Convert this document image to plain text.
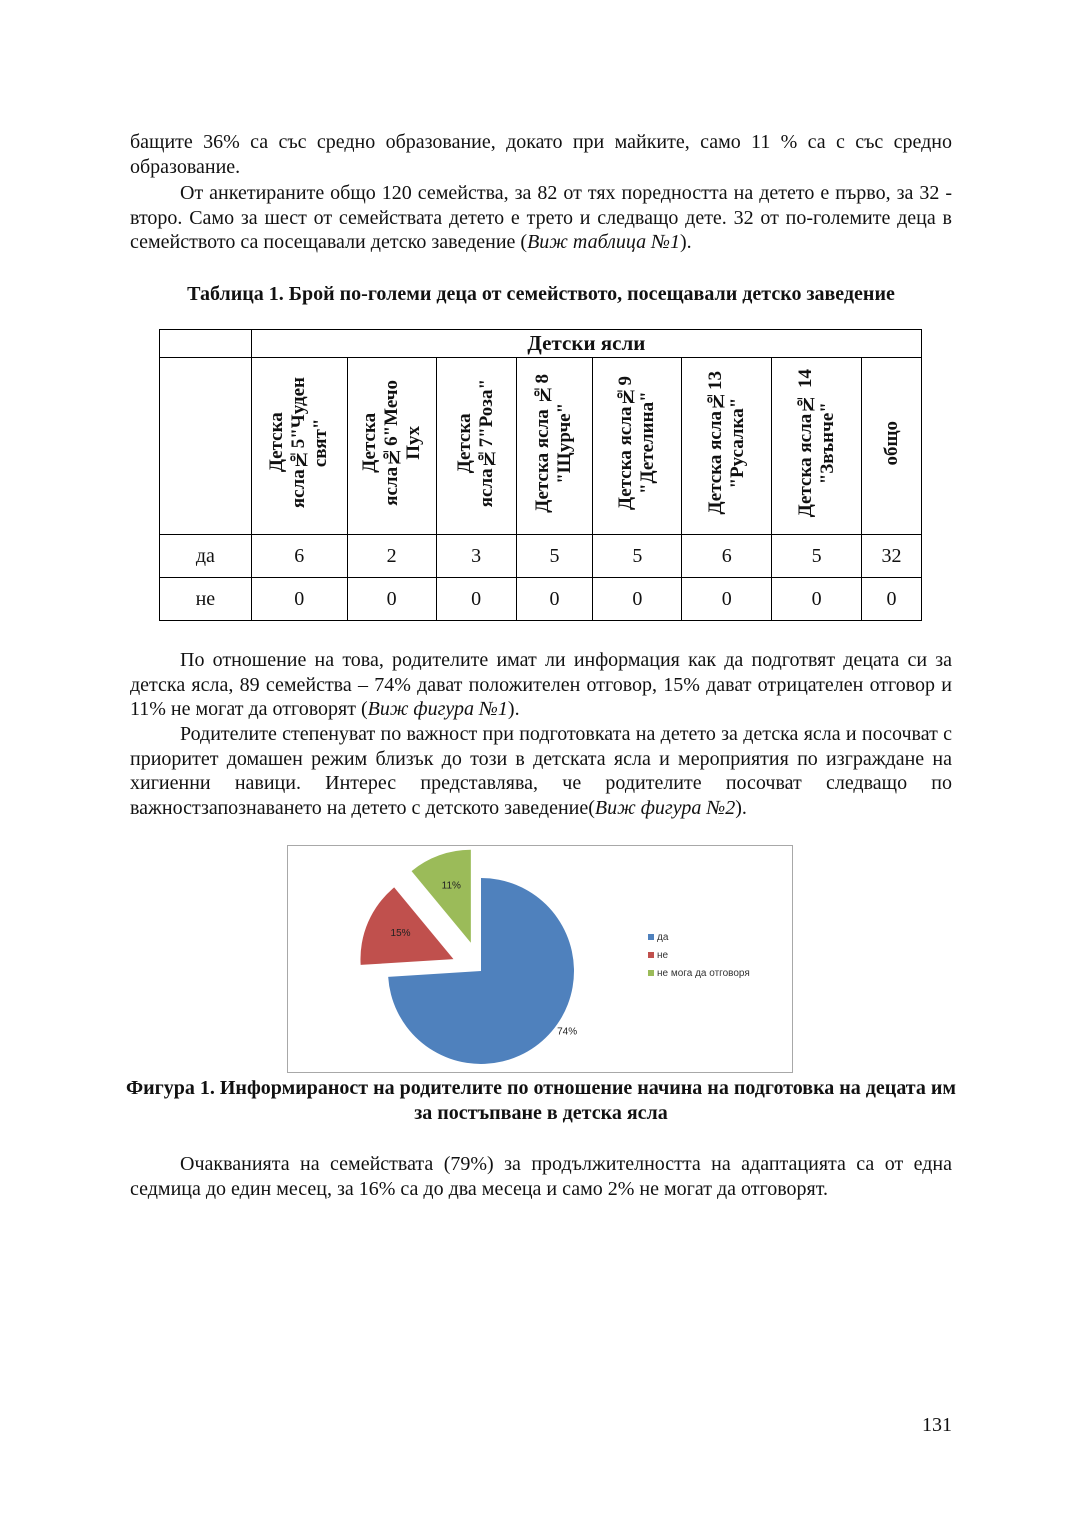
бащите 36% са със средно образование, докато при майките, само 11 % са с със средно образование.

От анкетираните общо 120 семейства, за 82 от тях поредността на детето е първо, за 32 - второ. Само за шест от семействата детето е трето и следващо дете. 32 от по-големите деца в семейството са посещавали детско заведение (Виж таблица №1).

Таблица 1. Брой по-големи деца от семейството, посещавали детско заведение

	Детски ясли							
	Детска
ясла№5"Чуден
свят"	Детска
ясла№6"Мечо
Пух	Детска
ясла№7"Роза"	Детска ясла №8
"Щурче"	Детска ясла№9
"Детелина"	Детска ясла№13
"Русалка"	Детска ясла№ 14
"Звънче"	общо
да	6	2	3	5	5	6	5	32
не	0	0	0	0	0	0	0	0

По отношение на това, родителите имат ли информация как да подготвят децата си за детска ясла, 89 семейства – 74% дават положителен отговор, 15% дават отрицателен отговор и 11% не могат да отговорят (Виж фигура №1).

Родителите степенуват по важност при подготовката на детето за детска ясла и посочват с приоритет домашен режим близък до този в детската ясла и мероприятия по изграждане на хигиенни навици. Интерес представлява, че родителите посочват следващо по важностзапознаването на детето с детското заведение(Виж фигура №2).

74%
15%
11%
да
не
не мога да отговоря

Фигура 1. Информираност на родителите по отношение начина на подготовка на децата им за постъпване в детска ясла

Очакванията на семействата (79%) за продължителността на адаптацията са от една седмица до един месец, за 16% са до два месеца и само 2% не могат да отговорят.

131
